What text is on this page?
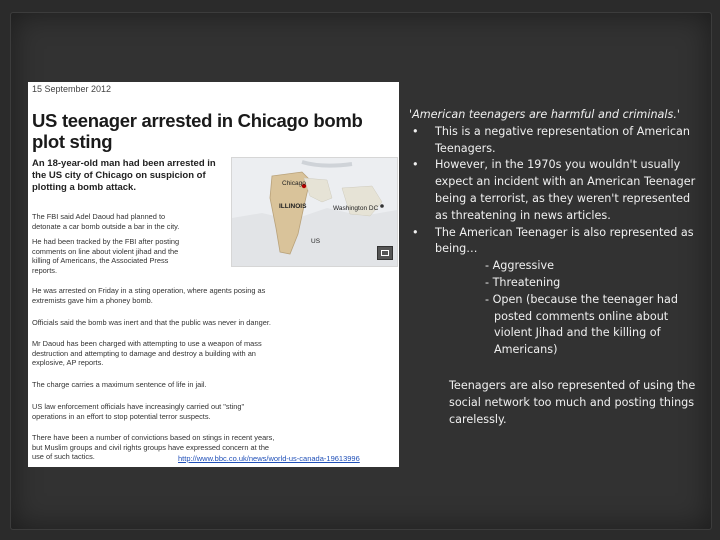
15 September 2012
US teenager arrested in Chicago bomb plot sting
An 18-year-old man had been arrested in the US city of Chicago on suspicion of plotting a bomb attack.	Chicago
ILLINOIS	Washington DC
US
The FBI said Adel Daoud had planned to
detonate a car bomb outside a bar in the city.
He had been tracked by the FBI after posting
comments on line about violent jihad and the
killing of Americans, the Associated Press
reports.
He was arrested on Friday in a sting operation, where agents posing as
extremists gave him a phoney bomb.
Officials said the bomb was inert and that the public was never in danger.
Mr Daoud has been charged with attempting to use a weapon of mass
destruction and attempting to damage and destroy a building with an
explosive, AP reports.
The charge carries a maximum sentence of life in jail.
US law enforcement officials have increasingly carried out "sting"
operations in an effort to stop potential terror suspects.
There have been a number of convictions based on stings in recent years,
but Muslim groups and civil rights groups have expressed concern at the
use of such tactics.	http://www.bbc.co.uk/news/world-us-canada-19613996
'American teenagers are harmful and criminals.'
• This is a negative representation of American
Teenagers.
• However, in the 1970s you wouldn't usually
expect an incident with an American Teenager
being a terrorist, as they weren't represented
as threatening in news articles.
• The American Teenager is also represented as
being…
- Aggressive
- Threatening
- Open (because the teenager had
posted comments online about
violent Jihad and the killing of
Americans)
Teenagers are also represented of using the
social network too much and posting things
carelessly.
